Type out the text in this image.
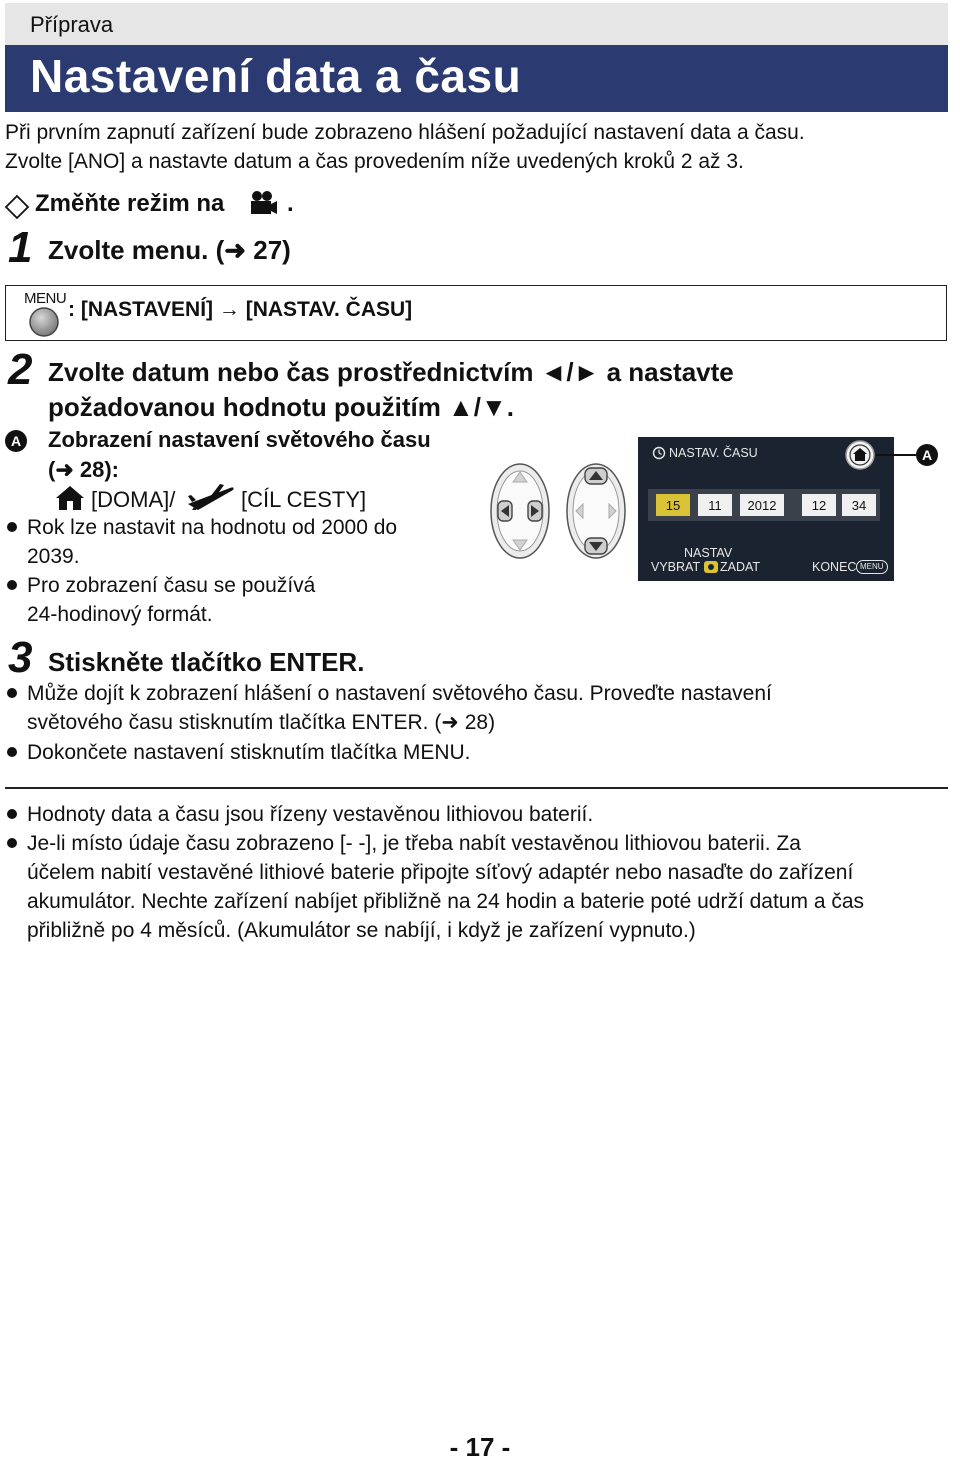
Příprava
Nastavení data a času
Při prvním zapnutí zařízení bude zobrazeno hlášení požadující nastavení data a času.
Zvolte [ANO] a nastavte datum a čas provedením níže uvedených kroků 2 až 3.
Změňte režim na	.
1 Zvolte menu. (➜ 27)
MENU : [NASTAVENÍ] → [NASTAV. ČASU]
2 Zvolte datum nebo čas prostřednictvím ◄/► a nastavte
požadovanou hodnotu použitím ▲/▼.
A Zobrazení nastavení světového času
(➜ 28):
[DOMA]/	[CÍL CESTY]
Rok lze nastavit na hodnotu od 2000 do
2039.
Pro zobrazení času se používá
24-hodinový formát.
NASTAV. ČASU	A
15	11	2012	12	34
NASTAV
VYBRAT ZADAT	KONEC MENU
3 Stiskněte tlačítko ENTER.
Může dojít k zobrazení hlášení o nastavení světového času. Proveďte nastavení
světového času stisknutím tlačítka ENTER. (➜ 28)
Dokončete nastavení stisknutím tlačítka MENU.
Hodnoty data a času jsou řízeny vestavěnou lithiovou baterií.
Je-li místo údaje času zobrazeno [- -], je třeba nabít vestavěnou lithiovou baterii. Za
účelem nabití vestavěné lithiové baterie připojte síťový adaptér nebo nasaďte do zařízení
akumulátor. Nechte zařízení nabíjet přibližně na 24 hodin a baterie poté udrží datum a čas
přibližně po 4 měsíců. (Akumulátor se nabíjí, i když je zařízení vypnuto.)
- 17 -
